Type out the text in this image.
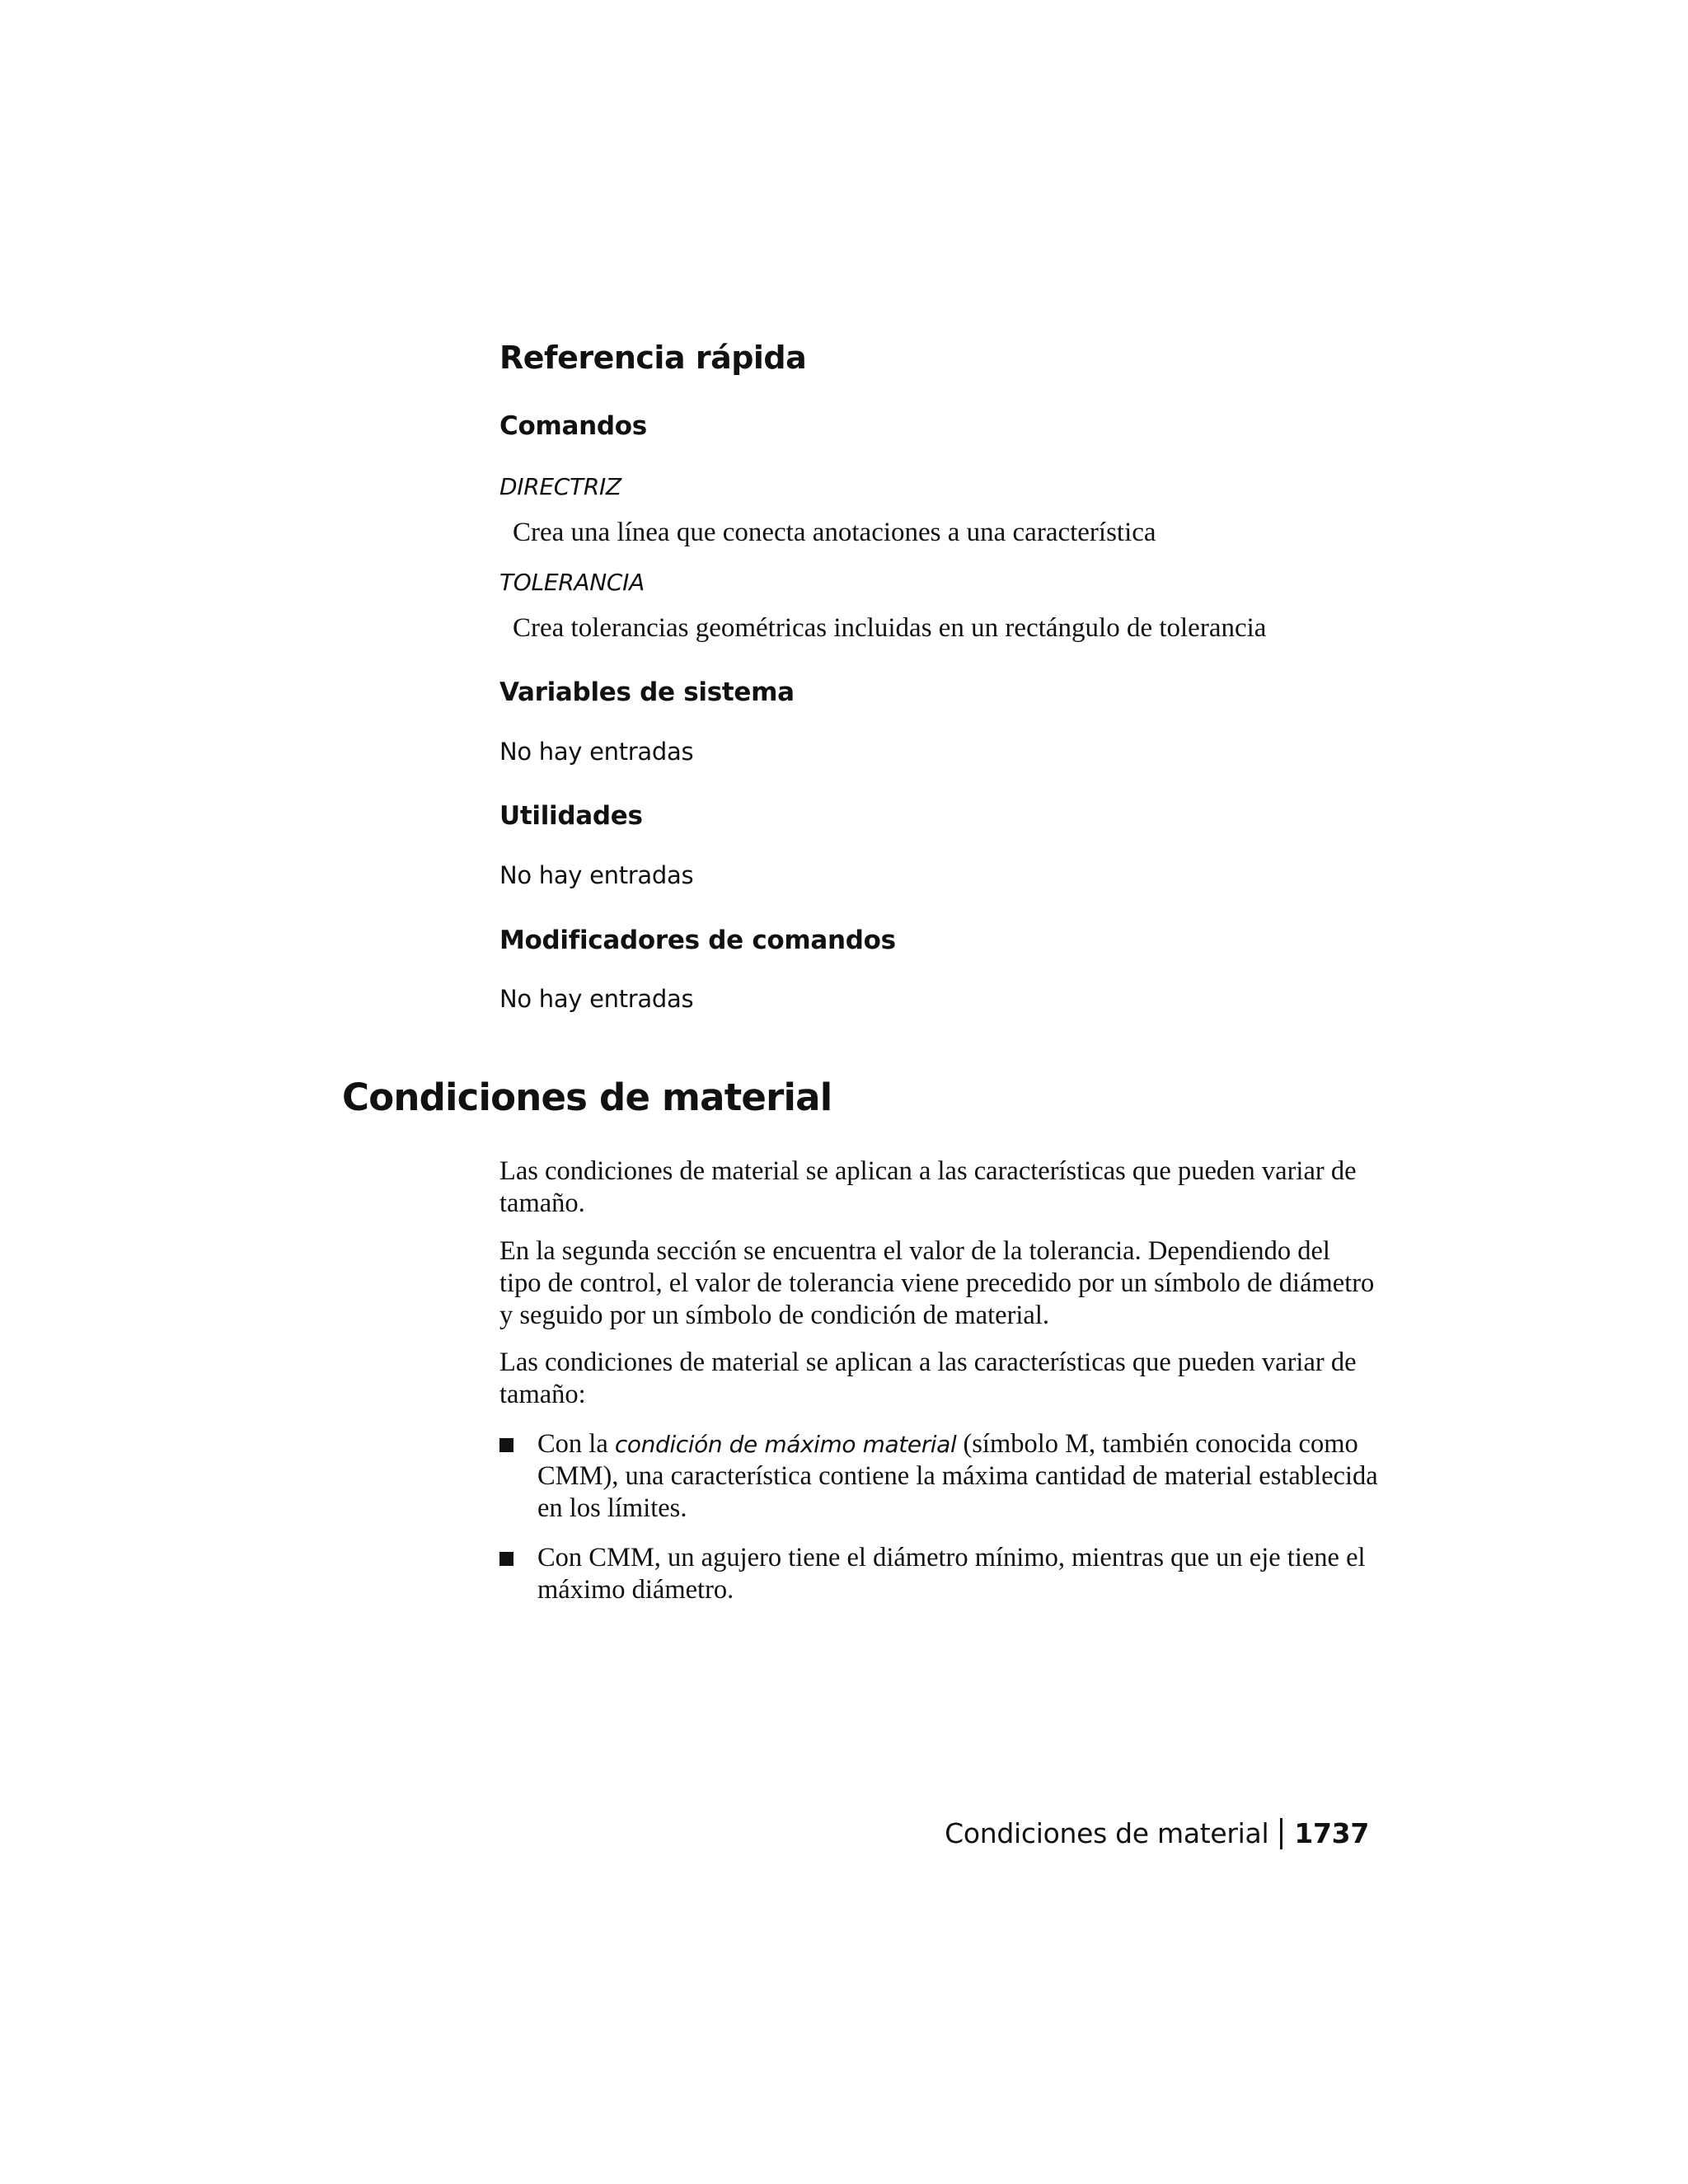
Referencia rápida
Comandos
DIRECTRIZ
Crea una línea que conecta anotaciones a una característica
TOLERANCIA
Crea tolerancias geométricas incluidas en un rectángulo de tolerancia
Variables de sistema
No hay entradas
Utilidades
No hay entradas
Modificadores de comandos
No hay entradas
Condiciones de material

Las condiciones de material se aplican a las características que pueden variar de tamaño.

En la segunda sección se encuentra el valor de la tolerancia. Dependiendo del tipo de control, el valor de tolerancia viene precedido por un símbolo de diámetro y seguido por un símbolo de condición de material.

Las condiciones de material se aplican a las características que pueden variar de tamaño:

Con la condición de máximo material (símbolo M, también conocida como CMM), una característica contiene la máxima cantidad de material establecida en los límites.
Con CMM, un agujero tiene el diámetro mínimo, mientras que un eje tiene el máximo diámetro.
Condiciones de material 1737
